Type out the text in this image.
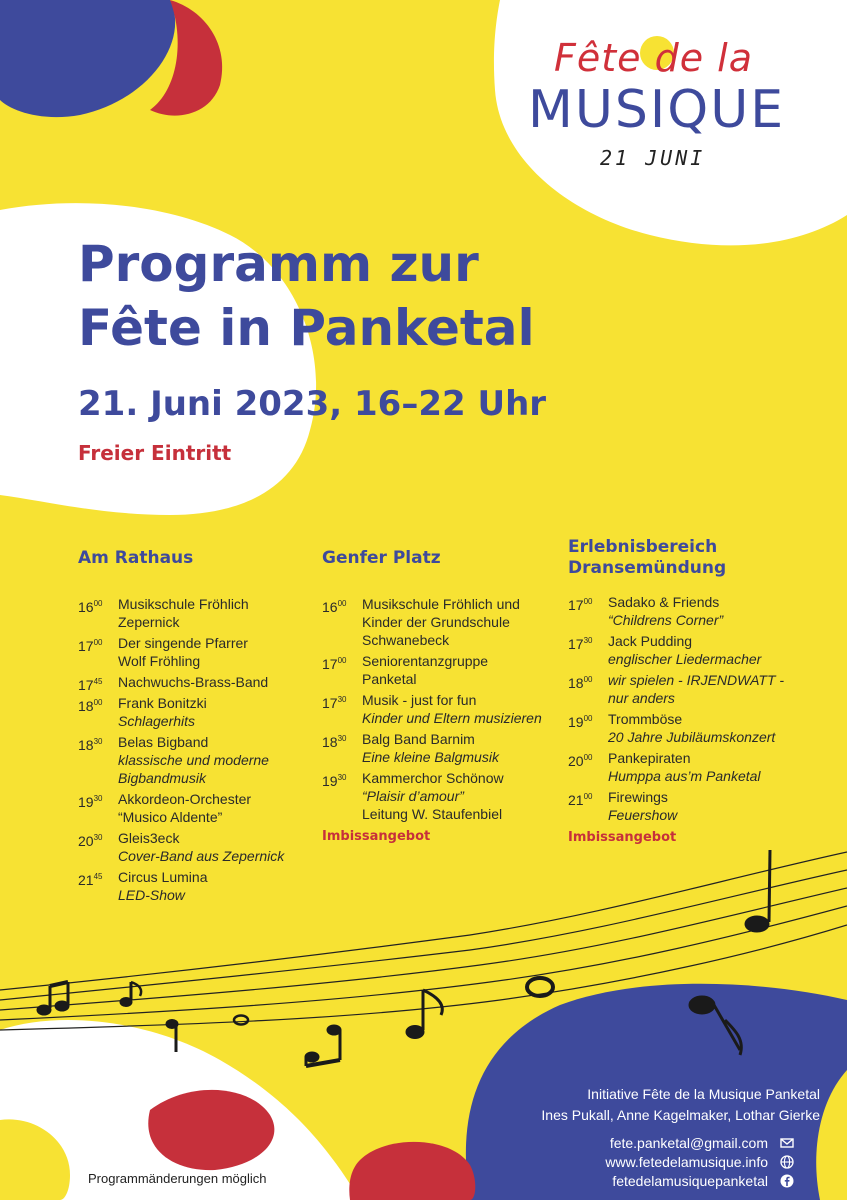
Fête de la
MUSIQUE
21 JUNI
Programm zur
Fête in Panketal
21. Juni 2023, 16–22 Uhr
Freier Eintritt
Am Rathaus
$16^{00}$ Musikschule Fröhlich
Zepernick
$17^{00}$ Der singende Pfarrer
Wolf Fröhling
$17^{45}$ Nachwuchs-Brass-Band
$18^{00}$ Frank Bonitzki
Schlagerhits
$18^{30}$ Belas Bigband
klassische und moderne Bigbandmusik
$19^{30}$ Akkordeon-Orchester
“Musico Aldente”
$20^{30}$ Gleis3eck
Cover-Band aus Zepernick
$21^{45}$ Circus Lumina
LED-Show
Genfer Platz
$16^{00}$ Musikschule Fröhlich und Kinder der Grundschule Schwanebeck
$17^{00}$ Seniorentanzgruppe Panketal
$17^{30}$ Musik - just for fun
Kinder und Eltern musizieren
$18^{30}$ Balg Band Barnim
Eine kleine Balgmusik
$19^{30}$ Kammerchor Schönow
“Plaisir d’amour”
Leitung W. Staufenbiel
Imbissangebot
Erlebnisbereich
Dransemündung
$17^{00}$ Sadako & Friends
“Childrens Corner”
$17^{30}$ Jack Pudding
englischer Liedermacher
$18^{00}$ wir spielen - IRJENDWATT -
nur anders
$19^{00}$ Trommböse
20 Jahre Jubiläumskonzert
$20^{00}$ Pankepiraten
Humppa aus’m Panketal
$21^{00}$ Firewings
Feuershow
Imbissangebot
Initiative Fête de la Musique Panketal
Ines Pukall, Anne Kagelmaker, Lothar Gierke
fete.panketal@gmail.com
www.fetedelamusique.info
fetedelamusiquepanketal
Programmänderungen möglich
